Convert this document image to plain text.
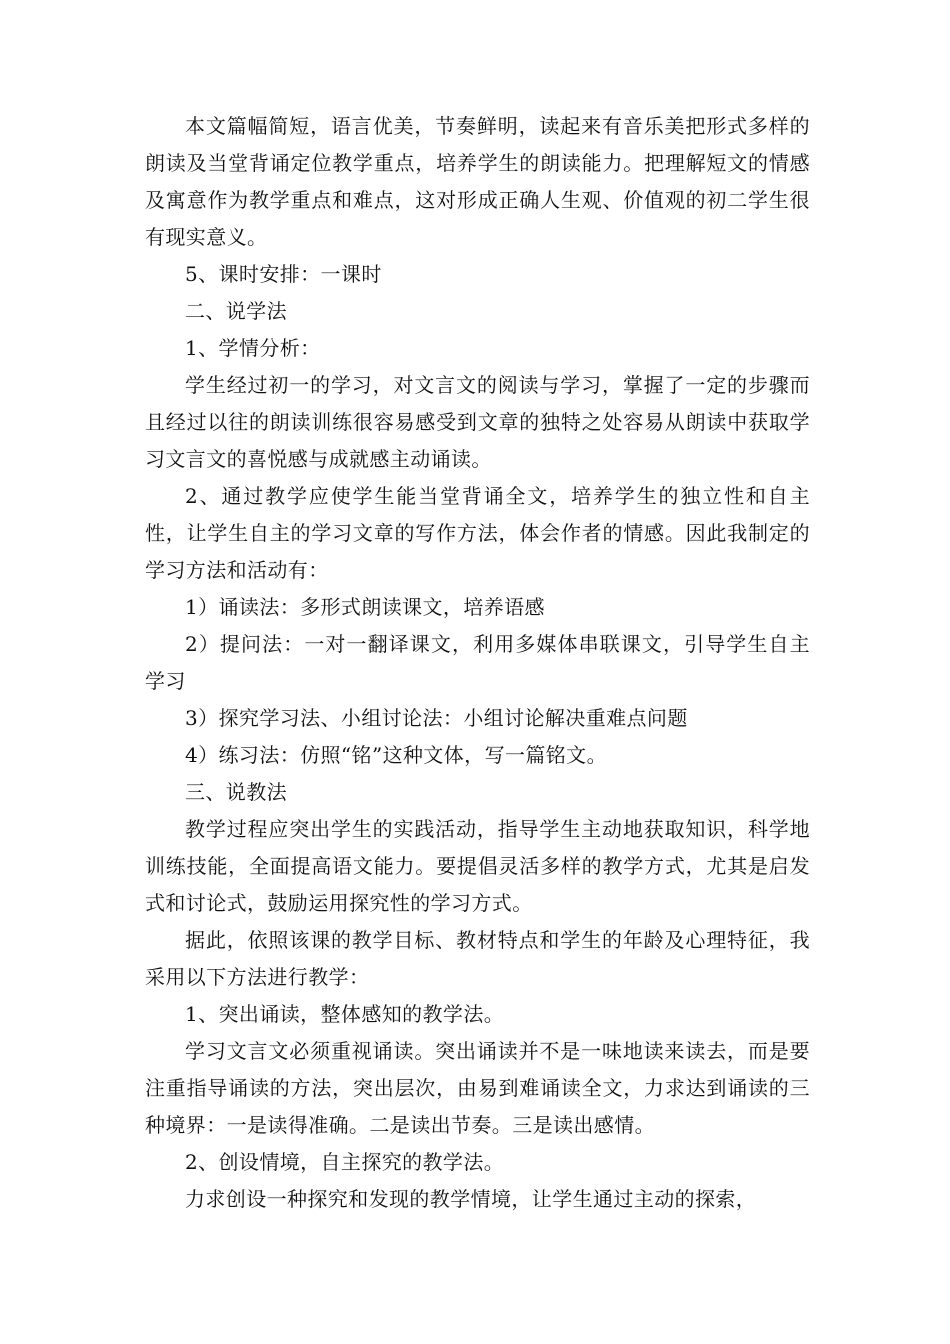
本文篇幅简短，语言优美，节奏鲜明，读起来有音乐美把形式多样的朗读及当堂背诵定位教学重点，培养学生的朗读能力。把理解短文的情感及寓意作为教学重点和难点，这对形成正确人生观、价值观的初二学生很有现实意义。

5、课时安排：一课时

二、说学法

1、学情分析：

学生经过初一的学习，对文言文的阅读与学习，掌握了一定的步骤而且经过以往的朗读训练很容易感受到文章的独特之处容易从朗读中获取学习文言文的喜悦感与成就感主动诵读。

2、通过教学应使学生能当堂背诵全文，培养学生的独立性和自主性，让学生自主的学习文章的写作方法，体会作者的情感。因此我制定的学习方法和活动有：

1）诵读法：多形式朗读课文，培养语感

2）提问法：一对一翻译课文，利用多媒体串联课文，引导学生自主学习

3）探究学习法、小组讨论法：小组讨论解决重难点问题

4）练习法：仿照“铭”这种文体，写一篇铭文。

三、说教法

教学过程应突出学生的实践活动，指导学生主动地获取知识，科学地训练技能，全面提高语文能力。要提倡灵活多样的教学方式，尤其是启发式和讨论式，鼓励运用探究性的学习方式。

据此，依照该课的教学目标、教材特点和学生的年龄及心理特征，我采用以下方法进行教学：

1、突出诵读，整体感知的教学法。

学习文言文必须重视诵读。突出诵读并不是一味地读来读去，而是要注重指导诵读的方法，突出层次，由易到难诵读全文，力求达到诵读的三种境界：一是读得准确。二是读出节奏。三是读出感情。

2、创设情境，自主探究的教学法。

力求创设一种探究和发现的教学情境，让学生通过主动的探索，
